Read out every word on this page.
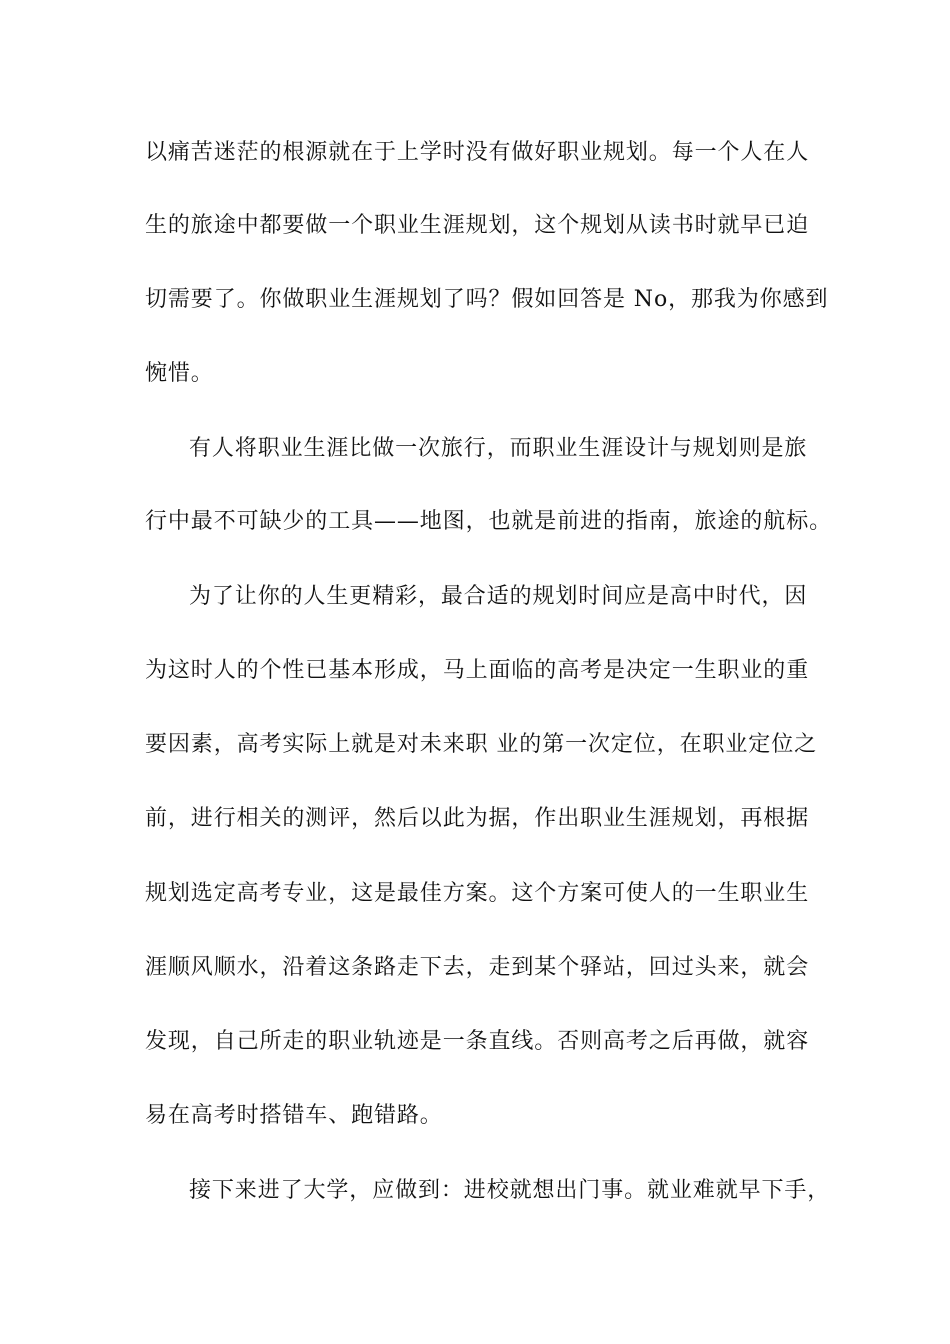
以痛苦迷茫的根源就在于上学时没有做好职业规划。每一个人在人
生的旅途中都要做一个职业生涯规划，这个规划从读书时就早已迫
切需要了。你做职业生涯规划了吗？假如回答是 No，那我为你感到
惋惜。
有人将职业生涯比做一次旅行，而职业生涯设计与规划则是旅
行中最不可缺少的工具——地图，也就是前进的指南，旅途的航标。
为了让你的人生更精彩，最合适的规划时间应是高中时代，因
为这时人的个性已基本形成，马上面临的高考是决定一生职业的重
要因素，高考实际上就是对未来职 业的第一次定位，在职业定位之
前，进行相关的测评，然后以此为据，作出职业生涯规划，再根据
规划选定高考专业，这是最佳方案。这个方案可使人的一生职业生
涯顺风顺水，沿着这条路走下去，走到某个驿站，回过头来，就会
发现，自己所走的职业轨迹是一条直线。否则高考之后再做，就容
易在高考时搭错车、跑错路。
接下来进了大学，应做到：进校就想出门事。就业难就早下手，
